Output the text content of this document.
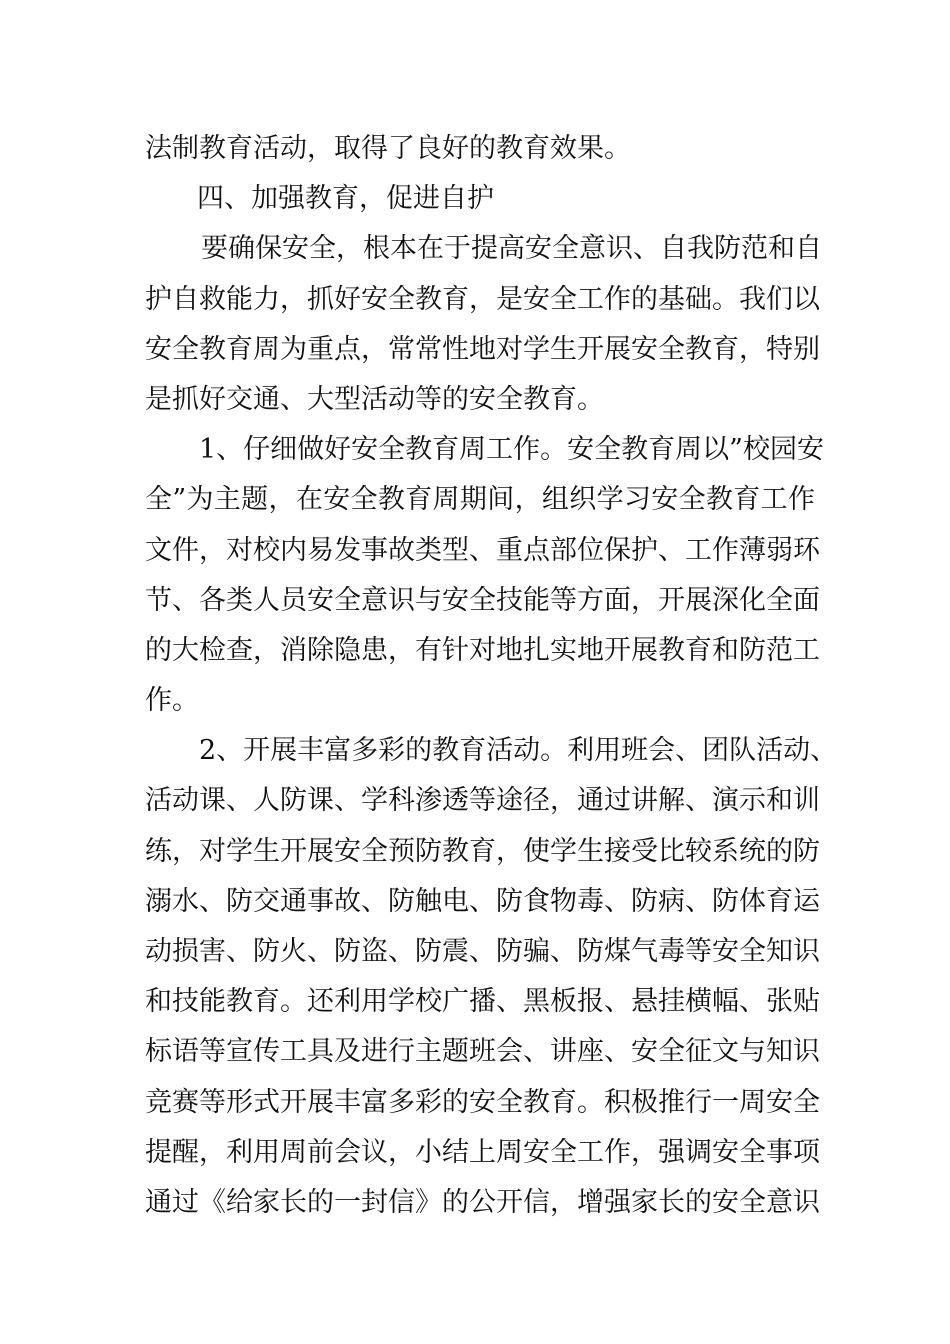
法制教育活动，取得了良好的教育效果。
四、加强教育，促进自护
要确保安全，根本在于提高安全意识、自我防范和自
护自救能力，抓好安全教育，是安全工作的基础。我们以
安全教育周为重点，常常性地对学生开展安全教育，特别
是抓好交通、大型活动等的安全教育。
1、仔细做好安全教育周工作。安全教育周以”校园安
全”为主题，在安全教育周期间，组织学习安全教育工作
文件，对校内易发事故类型、重点部位保护、工作薄弱环
节、各类人员安全意识与安全技能等方面，开展深化全面
的大检查，消除隐患，有针对地扎实地开展教育和防范工
作。
2、开展丰富多彩的教育活动。利用班会、团队活动、
活动课、人防课、学科渗透等途径，通过讲解、演示和训
练，对学生开展安全预防教育，使学生接受比较系统的防
溺水、防交通事故、防触电、防食物毒、防病、防体育运
动损害、防火、防盗、防震、防骗、防煤气毒等安全知识
和技能教育。还利用学校广播、黑板报、悬挂横幅、张贴
标语等宣传工具及进行主题班会、讲座、安全征文与知识
竞赛等形式开展丰富多彩的安全教育。积极推行一周安全
提醒，利用周前会议，小结上周安全工作，强调安全事项
通过《给家长的一封信》的公开信，增强家长的安全意识
